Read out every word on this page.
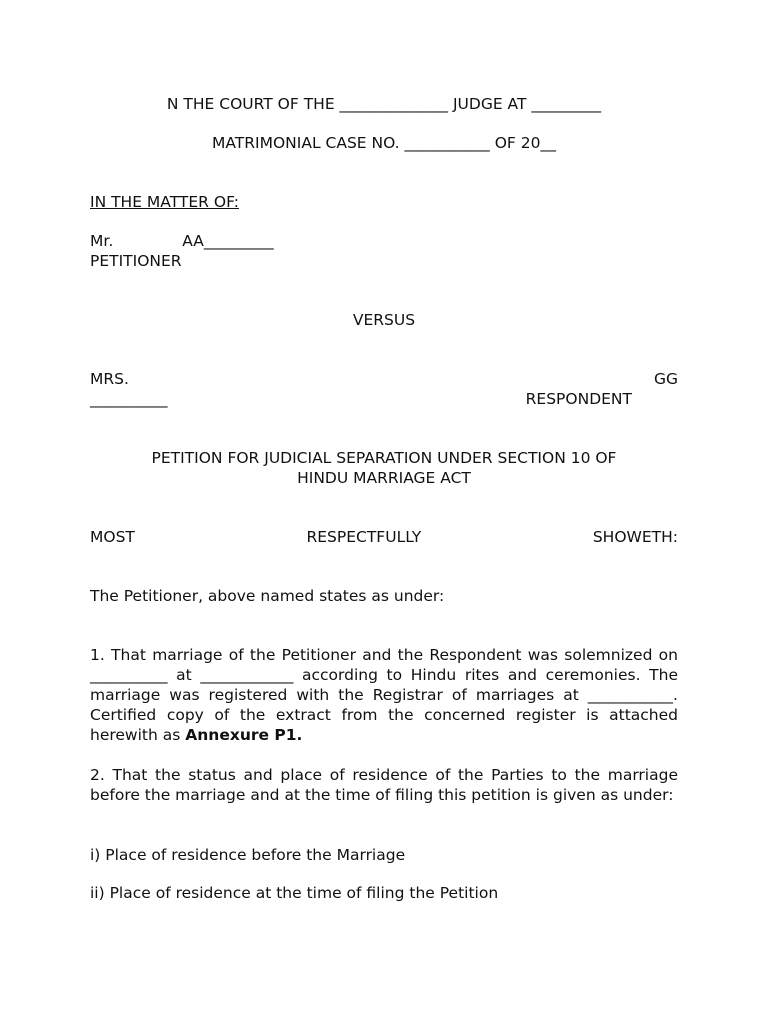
N THE COURT OF THE ______________ JUDGE AT _________
MATRIMONIAL CASE NO. ___________ OF 20__
IN THE MATTER OF:
Mr.              AA_________
PETITIONER
VERSUS
MRS.	GG
__________	RESPONDENT
PETITION FOR JUDICIAL SEPARATION UNDER SECTION 10 OF
HINDU MARRIAGE ACT
MOST	RESPECTFULLY	SHOWETH:
The Petitioner, above named states as under:
1. That marriage of the Petitioner and the Respondent was solemnized on __________ at ____________ according to Hindu rites and ceremonies. The marriage was registered with the Registrar of marriages at ___________. Certified copy of the extract from the concerned register is attached herewith as Annexure P1.
2. That the status and place of residence of the Parties to the marriage before the marriage and at the time of filing this petition is given as under:
i) Place of residence before the Marriage
ii) Place of residence at the time of filing the Petition
